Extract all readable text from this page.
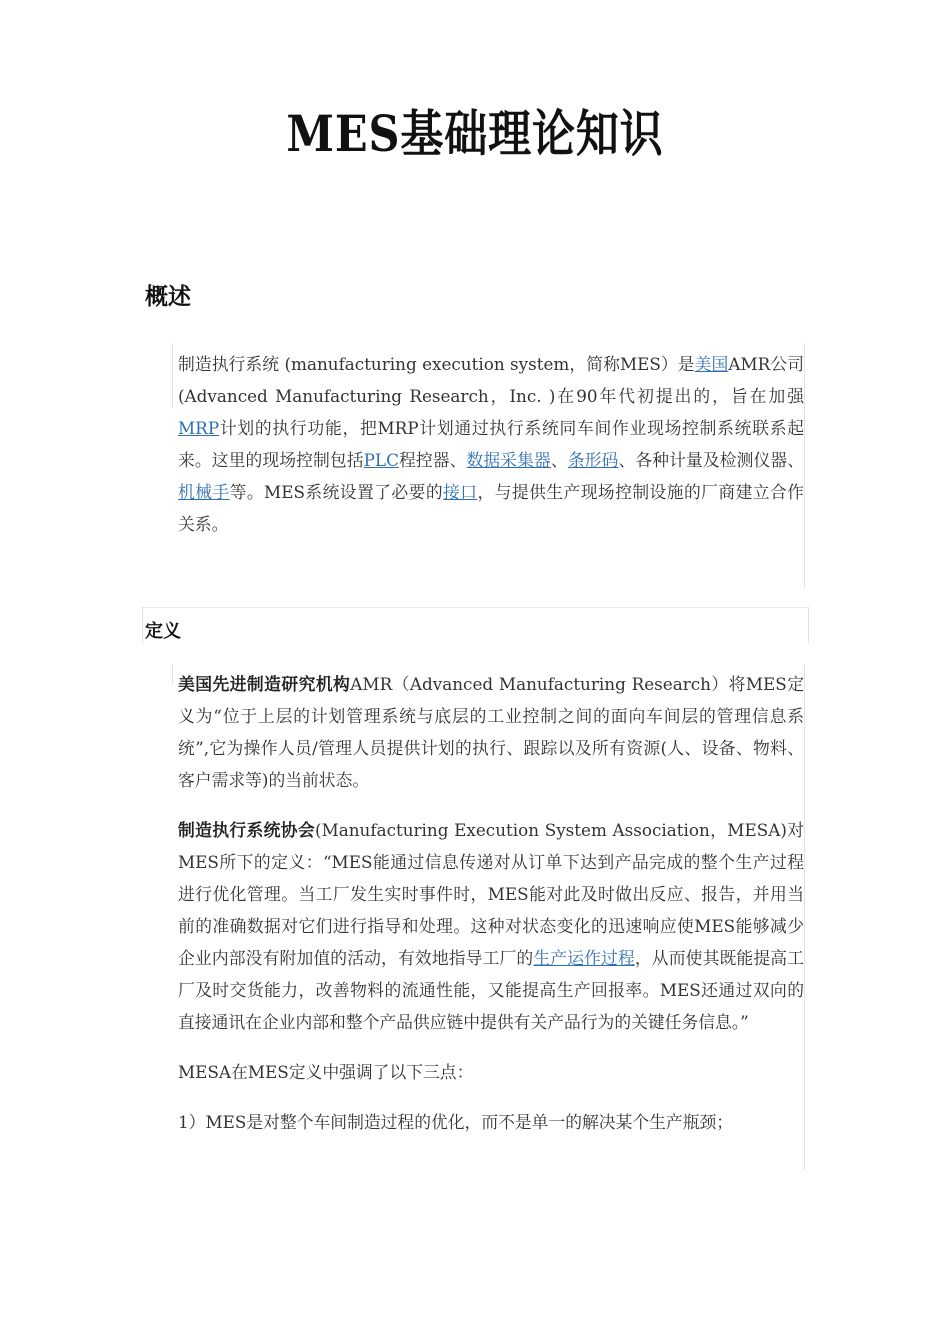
MES基础理论知识
概述

制造执行系统 (manufacturing execution system，简称MES）是美国AMR公司(Advanced Manufacturing Research，Inc. )在90年代初提出的，旨在加强MRP计划的执行功能，把MRP计划通过执行系统同车间作业现场控制系统联系起来。这里的现场控制包括PLC程控器、数据采集器、条形码、各种计量及检测仪器、机械手等。MES系统设置了必要的接口，与提供生产现场控制设施的厂商建立合作关系。

定义

美国先进制造研究机构AMR（Advanced Manufacturing Research）将MES定义为“位于上层的计划管理系统与底层的工业控制之间的面向车间层的管理信息系统”,它为操作人员/管理人员提供计划的执行、跟踪以及所有资源(人、设备、物料、客户需求等)的当前状态。

制造执行系统协会(Manufacturing Execution System Association，MESA)对MES所下的定义：“MES能通过信息传递对从订单下达到产品完成的整个生产过程进行优化管理。当工厂发生实时事件时，MES能对此及时做出反应、报告，并用当前的准确数据对它们进行指导和处理。这种对状态变化的迅速响应使MES能够减少企业内部没有附加值的活动，有效地指导工厂的生产运作过程，从而使其既能提高工厂及时交货能力，改善物料的流通性能，又能提高生产回报率。MES还通过双向的直接通讯在企业内部和整个产品供应链中提供有关产品行为的关键任务信息。”

MESA在MES定义中强调了以下三点：

1）MES是对整个车间制造过程的优化，而不是单一的解决某个生产瓶颈；
